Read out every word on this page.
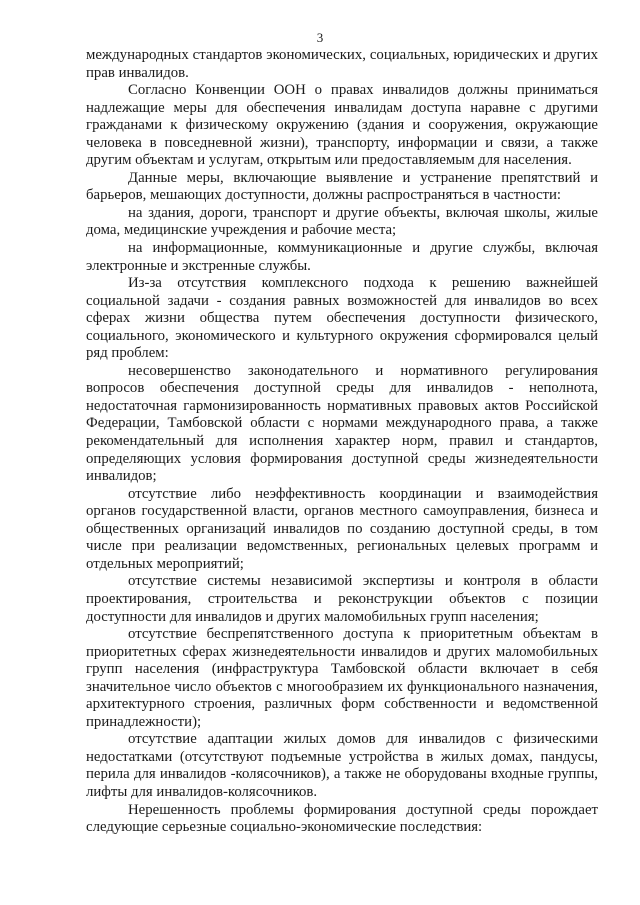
3

международных стандартов экономических, социальных, юридических и других прав инвалидов.

Согласно Конвенции ООН о правах инвалидов должны приниматься надлежащие меры для обеспечения инвалидам доступа наравне с другими гражданами к физическому окружению (здания и сооружения, окружающие человека в повседневной жизни), транспорту, информации и связи, а также другим объектам и услугам, открытым или предоставляемым для населения.

Данные меры, включающие выявление и устранение препятствий и барьеров, мешающих доступности, должны распространяться в частности:

на здания, дороги, транспорт и другие объекты, включая школы, жилые дома, медицинские учреждения и рабочие места;

на информационные, коммуникационные и другие службы, включая электронные и экстренные службы.

Из-за отсутствия комплексного подхода к решению важнейшей социальной задачи - создания равных возможностей для инвалидов во всех сферах жизни общества путем обеспечения доступности физического, социального, экономического и культурного окружения сформировался целый ряд проблем:

несовершенство законодательного и нормативного регулирования вопросов обеспечения доступной среды для инвалидов - неполнота, недостаточная гармонизированность нормативных правовых актов Российской Федерации, Тамбовской области с нормами международного права, а также рекомендательный для исполнения характер норм, правил и стандартов, определяющих условия формирования доступной среды жизнедеятельности инвалидов;

отсутствие либо неэффективность координации и взаимодействия органов государственной власти, органов местного самоуправления, бизнеса и общественных организаций инвалидов по созданию доступной среды, в том числе при реализации ведомственных, региональных целевых программ и отдельных мероприятий;

отсутствие системы независимой экспертизы и контроля в области проектирования, строительства и реконструкции объектов с позиции доступности для инвалидов и других маломобильных групп населения;

отсутствие беспрепятственного доступа к приоритетным объектам в приоритетных сферах жизнедеятельности инвалидов и других маломобильных групп населения (инфраструктура Тамбовской области включает в себя значительное число объектов с многообразием их функционального назначения, архитектурного строения, различных форм собственности и ведомственной принадлежности);

отсутствие адаптации жилых домов для инвалидов с физическими недостатками (отсутствуют подъемные устройства в жилых домах, пандусы, перила для инвалидов -колясочников), а также не оборудованы входные группы, лифты для инвалидов-колясочников.

Нерешенность проблемы формирования доступной среды порождает следующие серьезные социально-экономические последствия:
